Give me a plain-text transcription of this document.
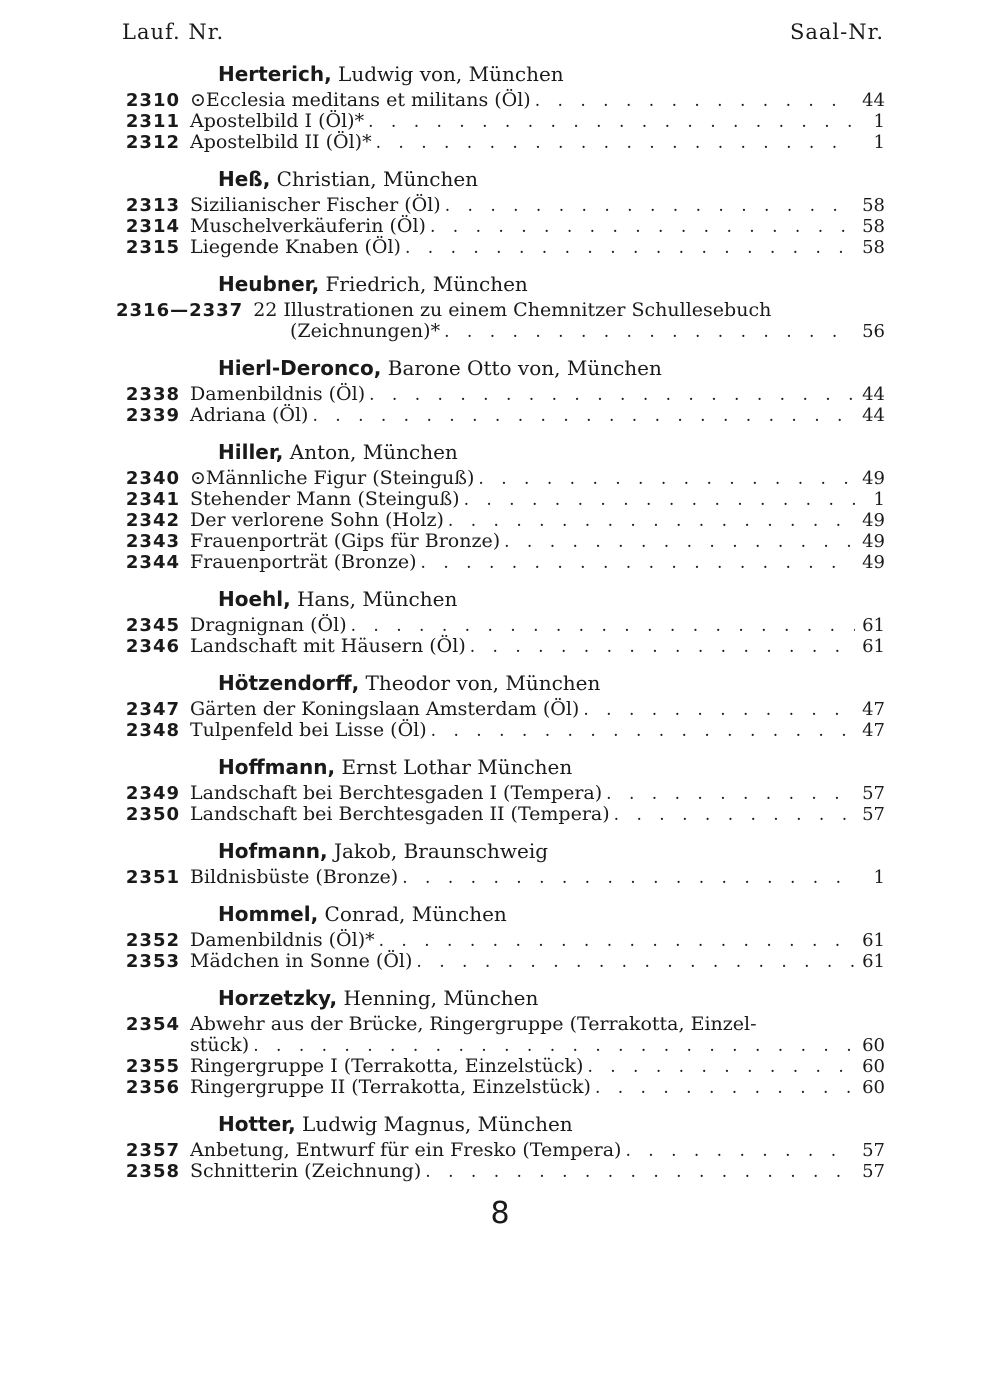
Lauf. Nr.	Saal-Nr.
Herterich, Ludwig von, München
2310 ⊙Ecclesia meditans et militans (Öl) . . .	44
2311 Apostelbild I (Öl)* . . .	1
2312 Apostelbild II (Öl)* . . .	1
Heß, Christian, München
2313 Sizilianischer Fischer (Öl) . . .	58
2314 Muschelverkäuferin (Öl) . . .	58
2315 Liegende Knaben (Öl) . . .	58
Heubner, Friedrich, München
2316—2337 22 Illustrationen zu einem Chemnitzer Schullesebuch
(Zeichnungen)* . . .	56
Hierl-Deronco, Barone Otto von, München
2338 Damenbildnis (Öl) . . .	44
2339 Adriana (Öl) . . .	44
Hiller, Anton, München
2340 ⊙Männliche Figur (Steinguß) . . .	49
2341 Stehender Mann (Steinguß) . . .	1
2342 Der verlorene Sohn (Holz) . . .	49
2343 Frauenporträt (Gips für Bronze) . . .	49
2344 Frauenporträt (Bronze) . . .	49
Hoehl, Hans, München
2345 Dragnignan (Öl) . . .	61
2346 Landschaft mit Häusern (Öl) . . .	61
Hötzendorff, Theodor von, München
2347 Gärten der Koningslaan Amsterdam (Öl) . . .	47
2348 Tulpenfeld bei Lisse (Öl) . . .	47
Hoffmann, Ernst Lothar München
2349 Landschaft bei Berchtesgaden I (Tempera) . . .	57
2350 Landschaft bei Berchtesgaden II (Tempera) . . .	57
Hofmann, Jakob, Braunschweig
2351 Bildnisbüste (Bronze) . . .	1
Hommel, Conrad, München
2352 Damenbildnis (Öl)* . . .	61
2353 Mädchen in Sonne (Öl) . . .	61
Horzetzky, Henning, München
2354 Abwehr aus der Brücke, Ringergruppe (Terrakotta, Einzel-
stück) . . .	60
2355 Ringergruppe I (Terrakotta, Einzelstück) . . .	60
2356 Ringergruppe II (Terrakotta, Einzelstück) . . .	60
Hotter, Ludwig Magnus, München
2357 Anbetung, Entwurf für ein Fresko (Tempera) . . .	57
2358 Schnitterin (Zeichnung) . . .	57
8
